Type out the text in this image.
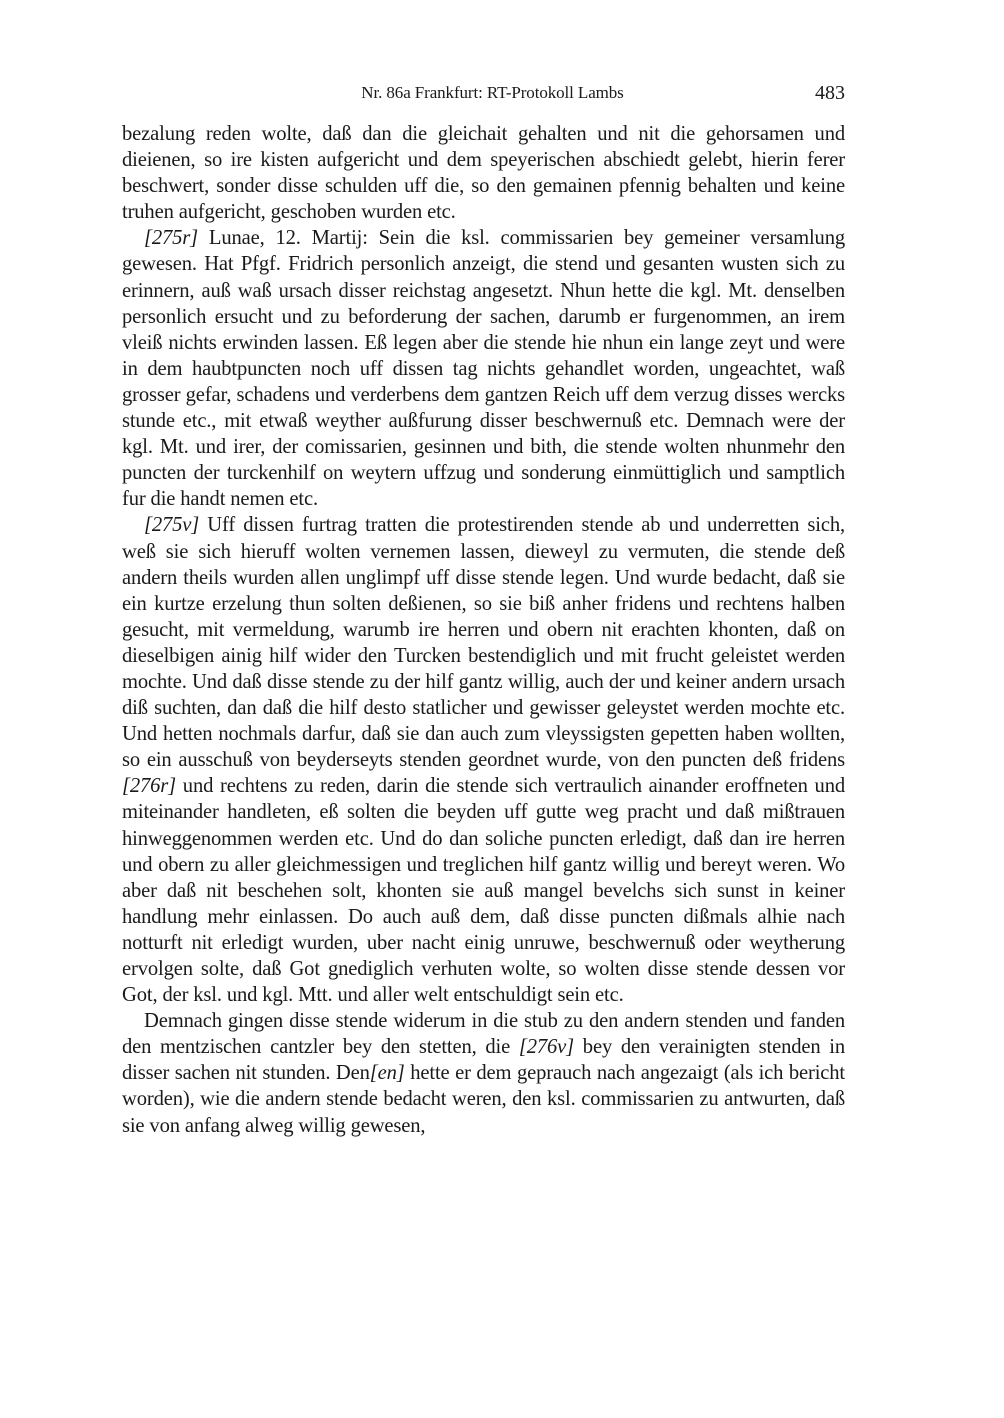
Nr. 86a Frankfurt: RT-Protokoll Lambs	483

bezalung reden wolte, daß dan die gleichait gehalten und nit die gehorsamen und dieienen, so ire kisten aufgericht und dem speyerischen abschiedt gelebt, hierin ferer beschwert, sonder disse schulden uff die, so den gemainen pfennig behalten und keine truhen aufgericht, geschoben wurden etc.

[275r] Lunae, 12. Martij: Sein die ksl. commissarien bey gemeiner versamlung gewesen. Hat Pfgf. Fridrich personlich anzeigt, die stend und gesanten wusten sich zu erinnern, auß waß ursach disser reichstag angesetzt. Nhun hette die kgl. Mt. denselben personlich ersucht und zu beforderung der sachen, darumb er furgenommen, an irem vleiß nichts erwinden lassen. Eß legen aber die stende hie nhun ein lange zeyt und were in dem haubtpuncten noch uff dissen tag nichts gehandlet worden, ungeachtet, waß grosser gefar, schadens und verderbens dem gantzen Reich uff dem verzug disses wercks stunde etc., mit etwaß weyther außfurung disser beschwernuß etc. Demnach were der kgl. Mt. und irer, der comissarien, gesinnen und bith, die stende wolten nhunmehr den puncten der turckenhilf on weytern uffzug und sonderung einmüttiglich und samptlich fur die handt nemen etc.

[275v] Uff dissen furtrag tratten die protestirenden stende ab und underretten sich, weß sie sich hieruff wolten vernemen lassen, dieweyl zu vermuten, die stende deß andern theils wurden allen unglimpf uff disse stende legen. Und wurde bedacht, daß sie ein kurtze erzelung thun solten deßienen, so sie biß anher fridens und rechtens halben gesucht, mit vermeldung, warumb ire herren und obern nit erachten khonten, daß on dieselbigen ainig hilf wider den Turcken bestendiglich und mit frucht geleistet werden mochte. Und daß disse stende zu der hilf gantz willig, auch der und keiner andern ursach diß suchten, dan daß die hilf desto statlicher und gewisser geleystet werden mochte etc. Und hetten nochmals darfur, daß sie dan auch zum vleyssigsten gepetten haben wollten, so ein ausschuß von beyderseyts stenden geordnet wurde, von den puncten deß fridens [276r] und rechtens zu reden, darin die stende sich vertraulich ainander eroffneten und miteinander handleten, eß solten die beyden uff gutte weg pracht und daß mißtrauen hinweggenommen werden etc. Und do dan soliche puncten erledigt, daß dan ire herren und obern zu aller gleichmessigen und treglichen hilf gantz willig und bereyt weren. Wo aber daß nit beschehen solt, khonten sie auß mangel bevelchs sich sunst in keiner handlung mehr einlassen. Do auch auß dem, daß disse puncten dißmals alhie nach notturft nit erledigt wurden, uber nacht einig unruwe, beschwernuß oder weytherung ervolgen solte, daß Got gnediglich verhuten wolte, so wolten disse stende dessen vor Got, der ksl. und kgl. Mtt. und aller welt entschuldigt sein etc.

Demnach gingen disse stende widerum in die stub zu den andern stenden und fanden den mentzischen cantzler bey den stetten, die [276v] bey den verainigten stenden in disser sachen nit stunden. Den[en] hette er dem geprauch nach angezaigt (als ich bericht worden), wie die andern stende bedacht weren, den ksl. commissarien zu antwurten, daß sie von anfang alweg willig gewesen,
